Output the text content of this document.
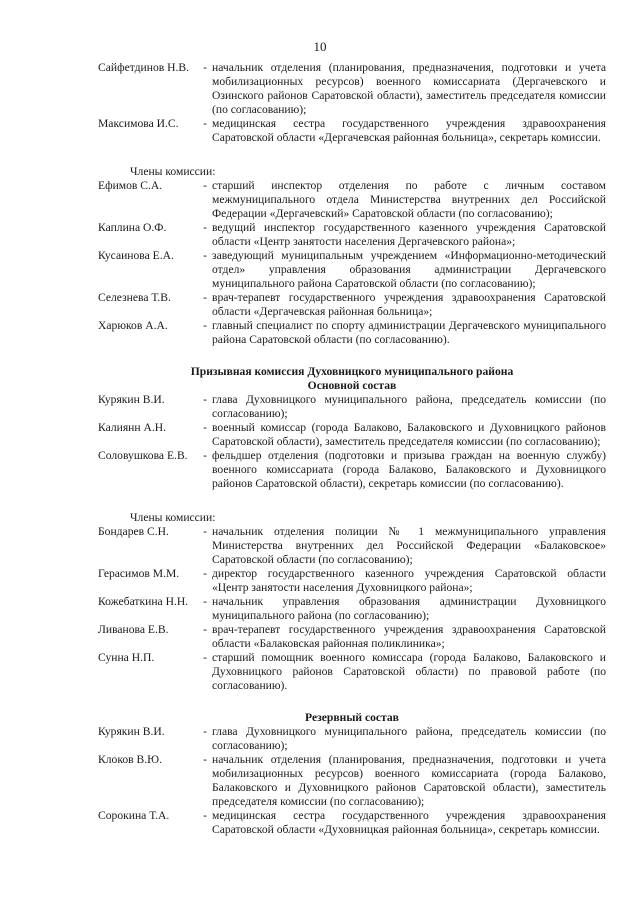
10
Сайфетдинов Н.В.	- начальник отделения (планирования, предназначения, подготовки и учета мобилизационных ресурсов) военного комиссариата (Дергачевского и Озинского районов Саратовской области), заместитель председателя комиссии (по согласованию);
Максимова И.С.	- медицинская сестра государственного учреждения здравоохранения Саратовской области «Дергачевская районная больница», секретарь комиссии.
Члены комиссии:
Ефимов С.А.	- старший инспектор отделения по работе с личным составом межмуниципального отдела Министерства внутренних дел Российской Федерации «Дергачевский» Саратовской области (по согласованию);
Каплина О.Ф.	- ведущий инспектор государственного казенного учреждения Саратовской области «Центр занятости населения Дергачевского района»;
Кусаинова Е.А.	- заведующий муниципальным учреждением «Информационно-методический отдел» управления образования администрации Дергачевского муниципального района Саратовской области (по согласованию);
Селезнева Т.В.	- врач-терапевт государственного учреждения здравоохранения Саратовской области «Дергачевская районная больница»;
Харюков А.А.	- главный специалист по спорту администрации Дергачевского муниципального района Саратовской области (по согласованию).
Призывная комиссия Духовницкого муниципального района
Основной состав
Курякин В.И.	- глава Духовницкого муниципального района, председатель комиссии (по согласованию);
Калиянн А.Н.	- военный комиссар (города Балаково, Балаковского и Духовницкого районов Саратовской области), заместитель председателя комиссии (по согласованию);
Соловушкова Е.В.	- фельдшер отделения (подготовки и призыва граждан на военную службу) военного комиссариата (города Балаково, Балаковского и Духовницкого районов Саратовской области), секретарь комиссии (по согласованию).
Члены комиссии:
Бондарев С.Н.	- начальник отделения полиции № 1 межмуниципального управления Министерства внутренних дел Российской Федерации «Балаковское» Саратовской области (по согласованию);
Герасимов М.М.	- директор государственного казенного учреждения Саратовской области «Центр занятости населения Духовницкого района»;
Кожебаткина Н.Н.	- начальник управления образования администрации Духовницкого муниципального района (по согласованию);
Ливанова Е.В.	- врач-терапевт государственного учреждения здравоохранения Саратовской области «Балаковская районная поликлиника»;
Сунна Н.П.	- старший помощник военного комиссара (города Балаково, Балаковского и Духовницкого районов Саратовской области) по правовой работе (по согласованию).
Резервный состав
Курякин В.И.	- глава Духовницкого муниципального района, председатель комиссии (по согласованию);
Клоков В.Ю.	- начальник отделения (планирования, предназначения, подготовки и учета мобилизационных ресурсов) военного комиссариата (города Балаково, Балаковского и Духовницкого районов Саратовской области), заместитель председателя комиссии (по согласованию);
Сорокина Т.А.	- медицинская сестра государственного учреждения здравоохранения Саратовской области «Духовницкая районная больница», секретарь комиссии.
